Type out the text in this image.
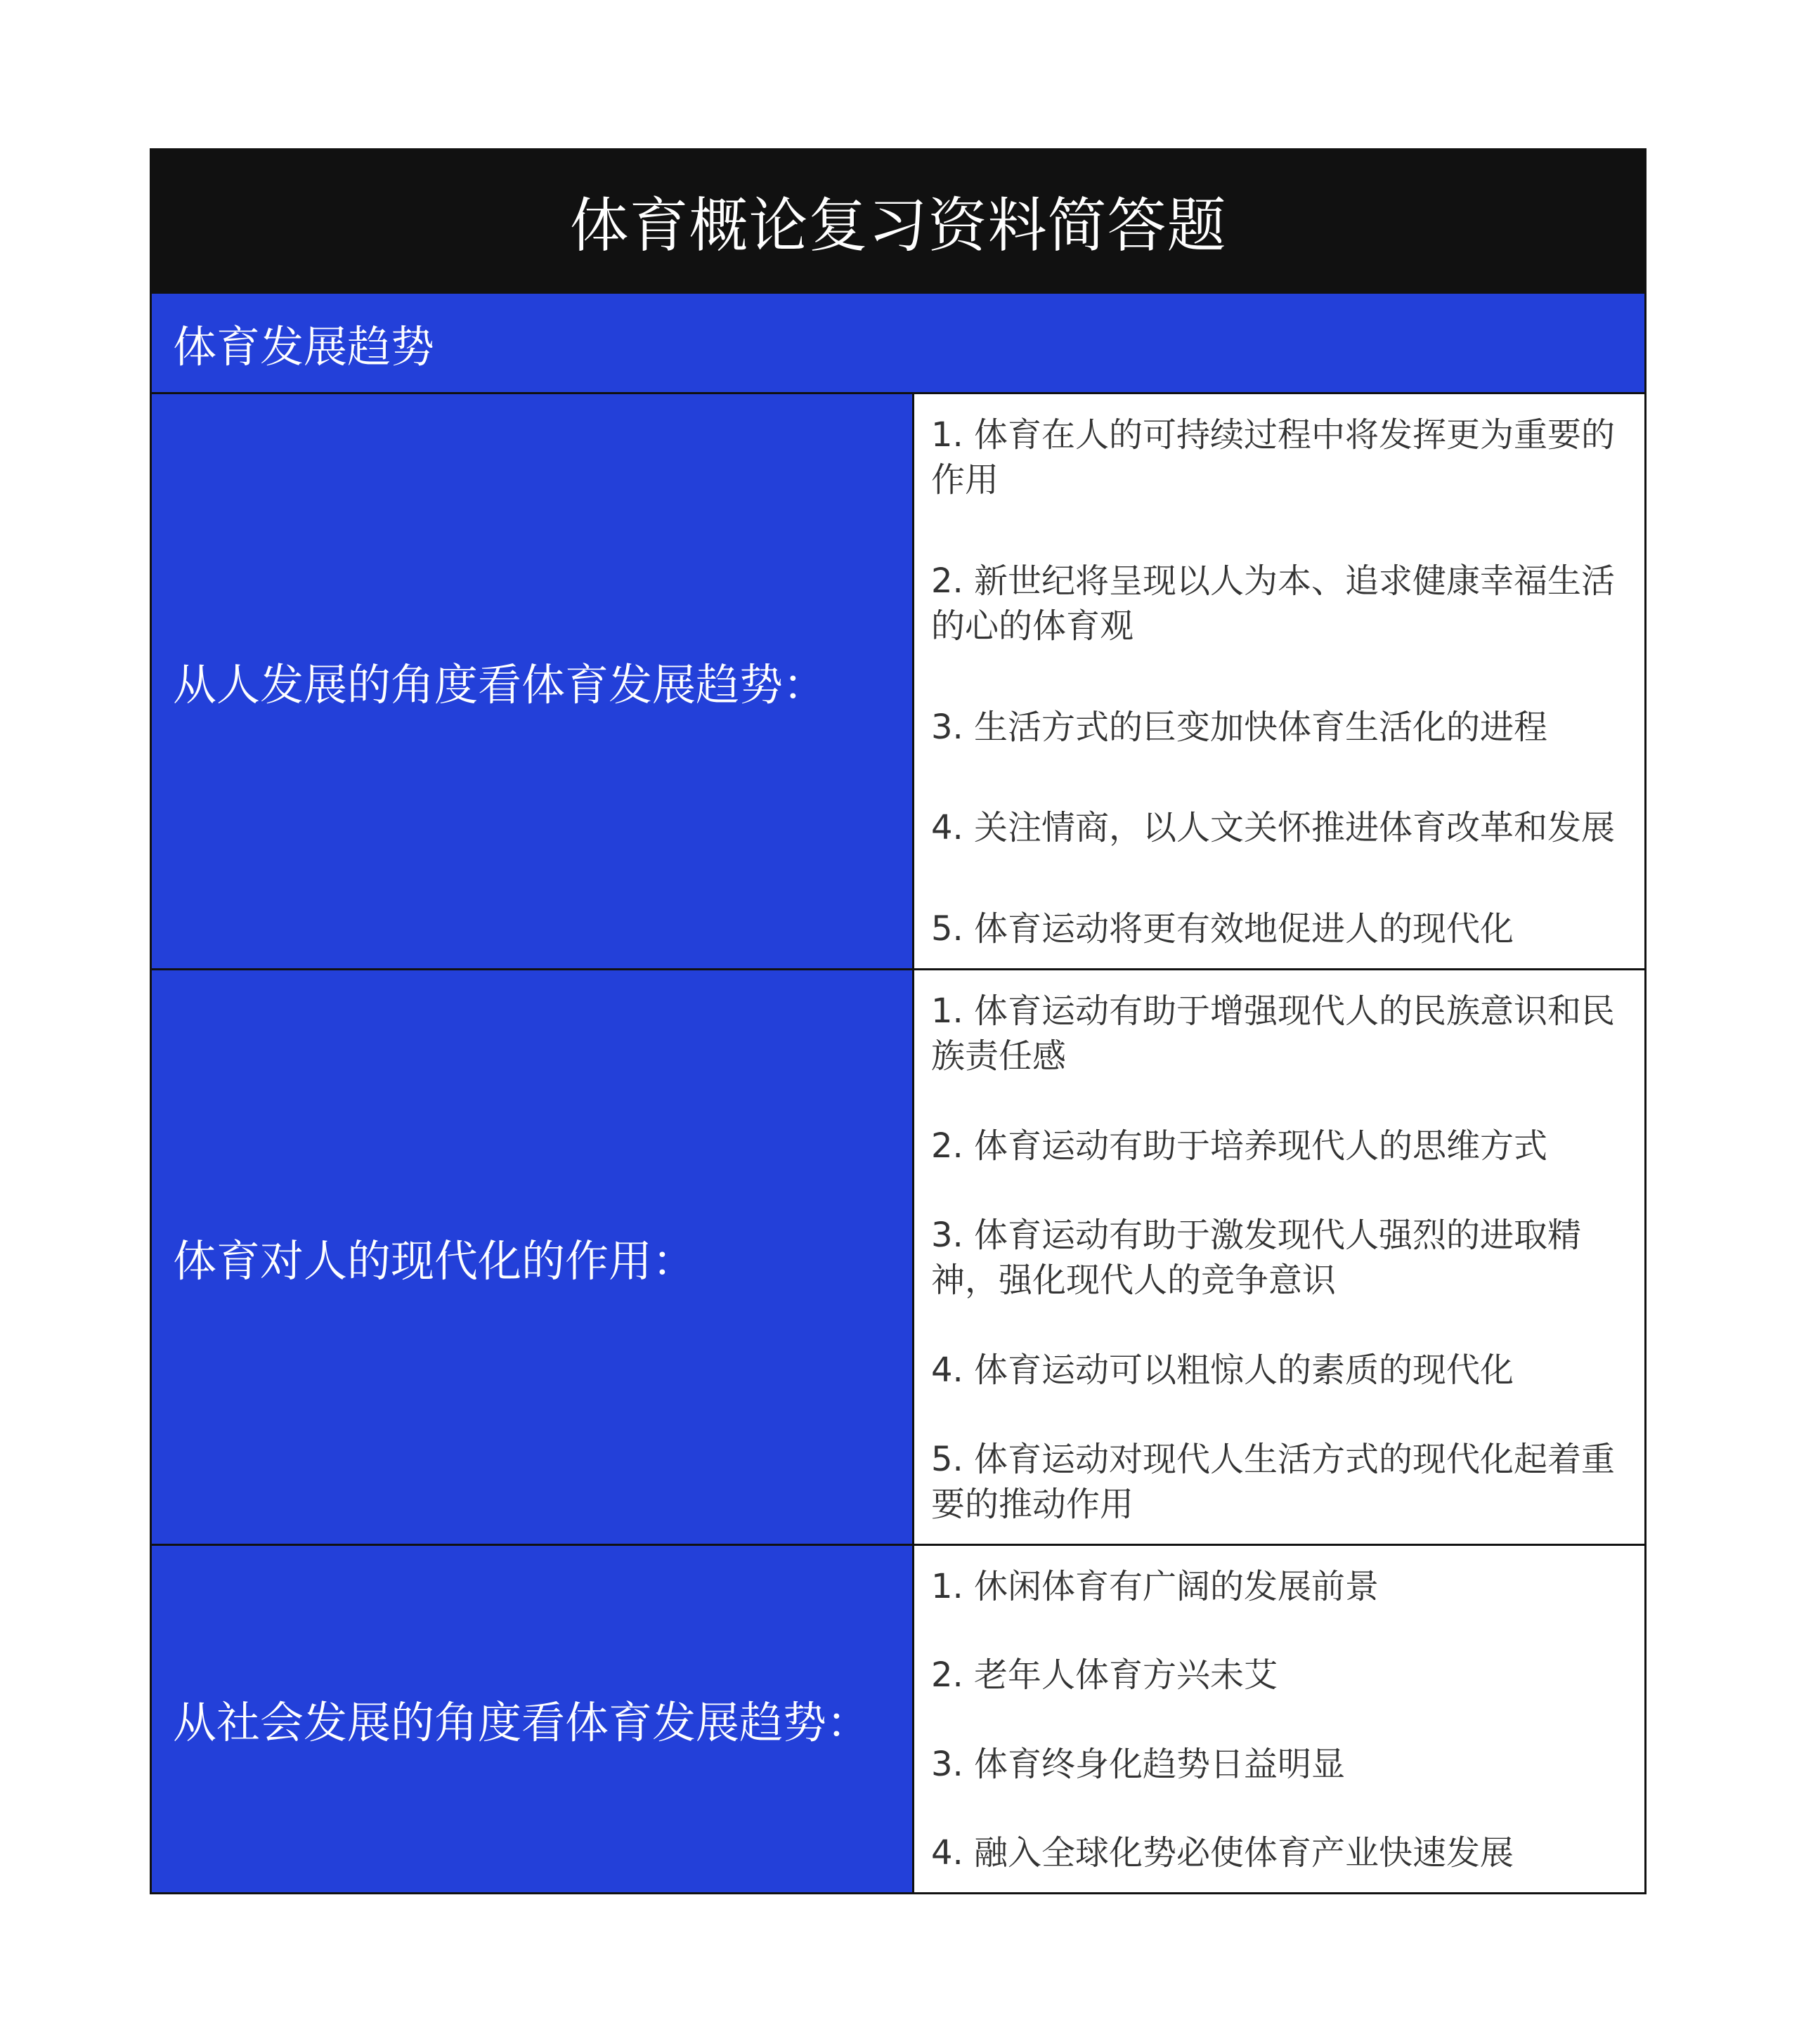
体育概论复习资料简答题
体育发展趋势
从人发展的角度看体育发展趋势：
1. 体育在人的可持续过程中将发挥更为重要的作用
2. 新世纪将呈现以人为本、追求健康幸福生活的心的体育观
3. 生活方式的巨变加快体育生活化的进程
4. 关注情商，以人文关怀推进体育改革和发展
5. 体育运动将更有效地促进人的现代化
体育对人的现代化的作用：
1. 体育运动有助于增强现代人的民族意识和民族责任感
2. 体育运动有助于培养现代人的思维方式
3. 体育运动有助于激发现代人强烈的进取精神，强化现代人的竞争意识
4. 体育运动可以粗惊人的素质的现代化
5. 体育运动对现代人生活方式的现代化起着重要的推动作用
从社会发展的角度看体育发展趋势：
1. 休闲体育有广阔的发展前景
2. 老年人体育方兴未艾
3. 体育终身化趋势日益明显
4. 融入全球化势必使体育产业快速发展
